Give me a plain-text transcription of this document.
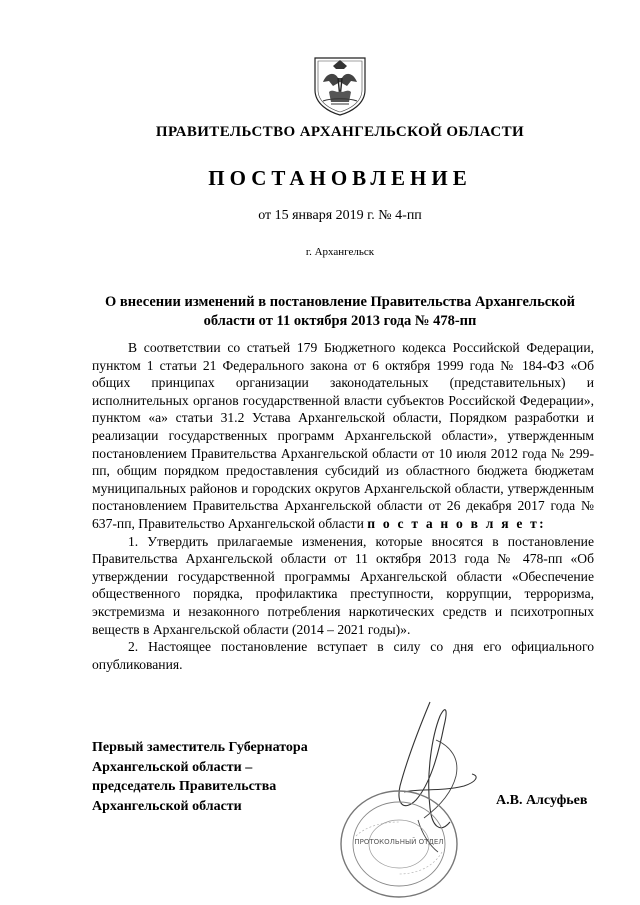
ПРАВИТЕЛЬСТВО АРХАНГЕЛЬСКОЙ ОБЛАСТИ
ПОСТАНОВЛЕНИЕ
от 15 января 2019 г. № 4-пп
г. Архангельск
О внесении изменений в постановление Правительства Архангельской
области от 11 октября 2013 года № 478-пп

В соответствии со статьей 179 Бюджетного кодекса Российской Федерации, пунктом 1 статьи 21 Федерального закона от 6 октября 1999 года № 184-ФЗ «Об общих принципах организации законодательных (представительных) и исполнительных органов государственной власти субъектов Российской Федерации», пунктом «а» статьи 31.2 Устава Архангельской области, Порядком разработки и реализации государственных программ Архангельской области», утвержденным постановлением Правительства Архангельской области от 10 июля 2012 года № 299-пп, общим порядком предоставления субсидий из областного бюджета бюджетам муниципальных районов и городских округов Архангельской области, утвержденным постановлением Правительства Архангельской области от 26 декабря 2017 года № 637-пп, Правительство Архангельской области п о с т а н о в л я е т:

1. Утвердить прилагаемые изменения, которые вносятся в постановление Правительства Архангельской области от 11 октября 2013 года № 478-пп «Об утверждении государственной программы Архангельской области «Обеспечение общественного порядка, профилактика преступности, коррупции, терроризма, экстремизма и незаконного потребления наркотических средств и психотропных веществ в Архангельской области (2014 – 2021 годы)».

2. Настоящее постановление вступает в силу со дня его официального опубликования.

Первый заместитель Губернатора
Архангельской области –
председатель Правительства
Архангельской области	А.В. Алсуфьев
ПРОТОКОЛЬНЫЙ ОТДЕЛ
